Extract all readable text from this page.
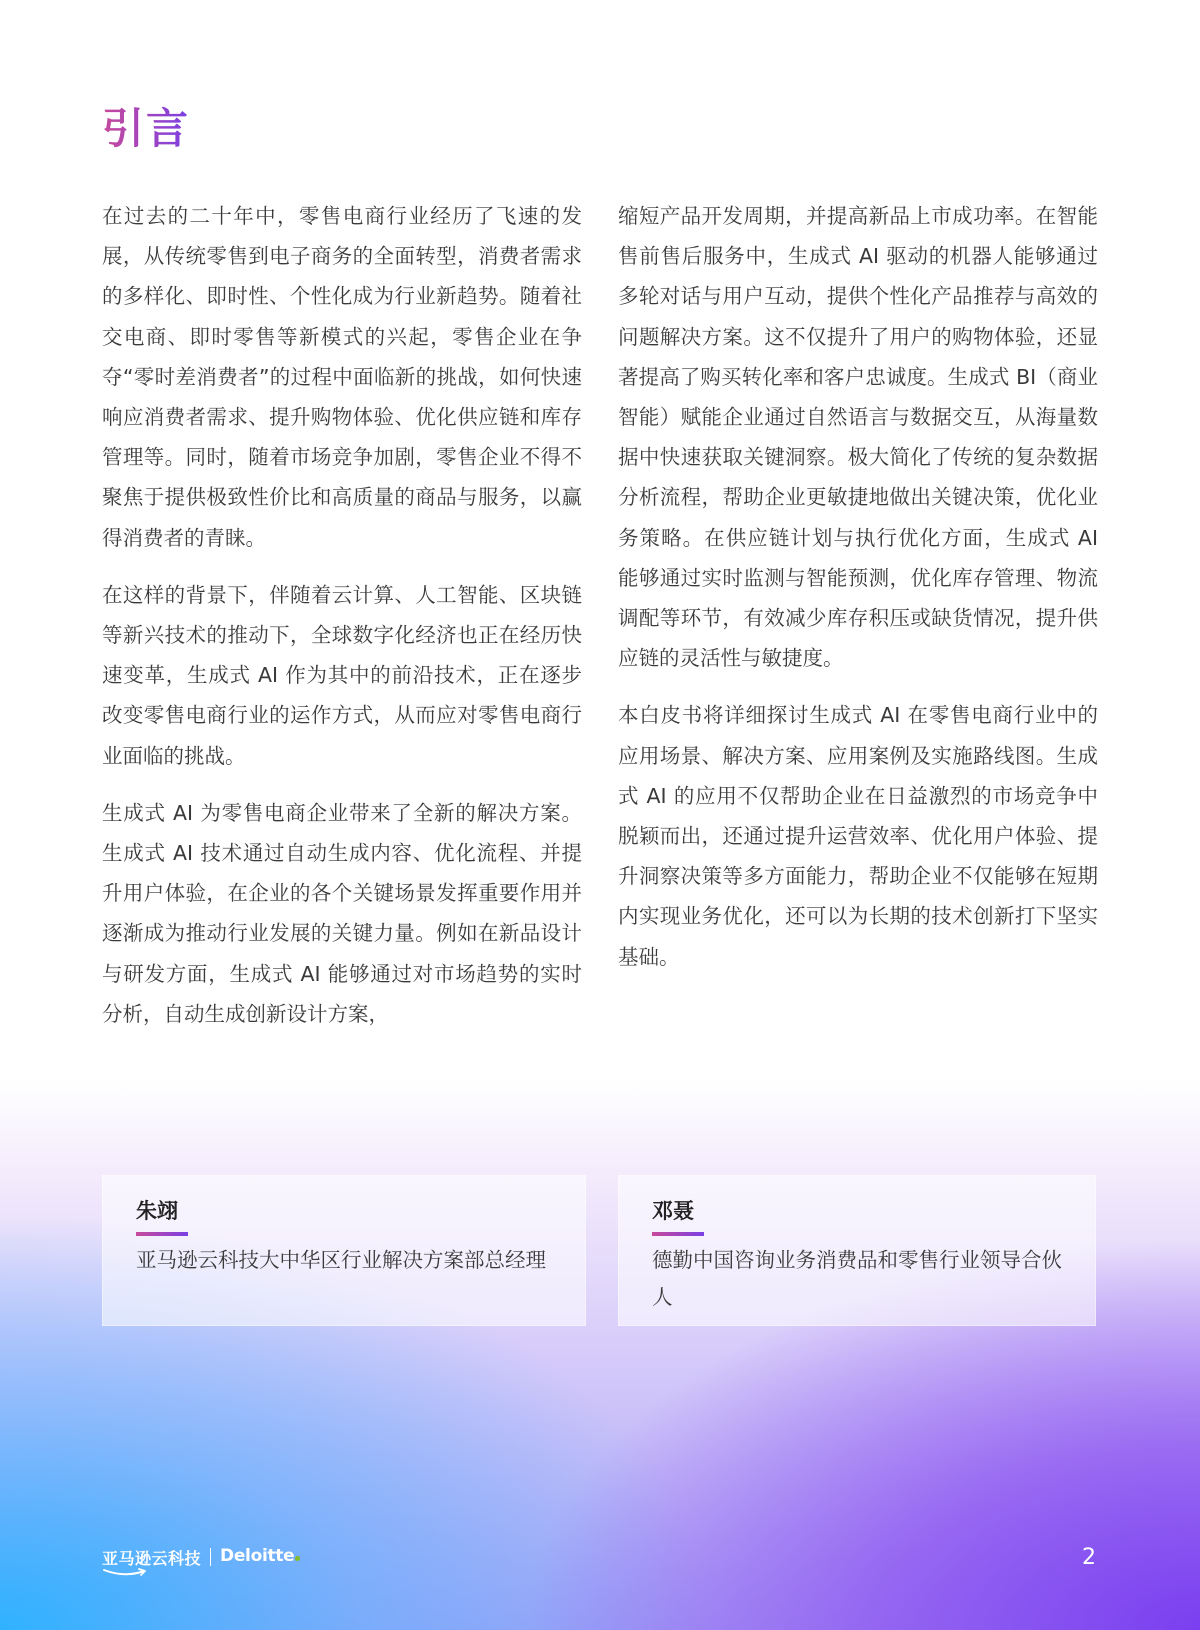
引言

在过去的二十年中，零售电商行业经历了飞速的发展，从传统零售到电子商务的全面转型，消费者需求的多样化、即时性、个性化成为行业新趋势。随着社交电商、即时零售等新模式的兴起，零售企业在争夺“零时差消费者”的过程中面临新的挑战，如何快速响应消费者需求、提升购物体验、优化供应链和库存管理等。同时，随着市场竞争加剧，零售企业不得不聚焦于提供极致性价比和高质量的商品与服务，以赢得消费者的青睐。

在这样的背景下，伴随着云计算、人工智能、区块链等新兴技术的推动下，全球数字化经济也正在经历快速变革，生成式 AI 作为其中的前沿技术，正在逐步改变零售电商行业的运作方式，从而应对零售电商行业面临的挑战。

生成式 AI 为零售电商企业带来了全新的解决方案。生成式 AI 技术通过自动生成内容、优化流程、并提升用户体验，在企业的各个关键场景发挥重要作用并逐渐成为推动行业发展的关键力量。例如在新品设计与研发方面，生成式 AI 能够通过对市场趋势的实时分析，自动生成创新设计方案，

缩短产品开发周期，并提高新品上市成功率。在智能售前售后服务中，生成式 AI 驱动的机器人能够通过多轮对话与用户互动，提供个性化产品推荐与高效的问题解决方案。这不仅提升了用户的购物体验，还显著提高了购买转化率和客户忠诚度。生成式 BI（商业智能）赋能企业通过自然语言与数据交互，从海量数据中快速获取关键洞察。极大简化了传统的复杂数据分析流程，帮助企业更敏捷地做出关键决策，优化业务策略。在供应链计划与执行优化方面，生成式 AI 能够通过实时监测与智能预测，优化库存管理、物流调配等环节，有效减少库存积压或缺货情况，提升供应链的灵活性与敏捷度。

本白皮书将详细探讨生成式 AI 在零售电商行业中的应用场景、解决方案、应用案例及实施路线图。生成式 AI 的应用不仅帮助企业在日益激烈的市场竞争中脱颖而出，还通过提升运营效率、优化用户体验、提升洞察决策等多方面能力，帮助企业不仅能够在短期内实现业务优化，还可以为长期的技术创新打下坚实基础。

朱翊
亚马逊云科技大中华区行业解决方案部总经理
邓聂
德勤中国咨询业务消费品和零售行业领导合伙人
亚马逊云科技 Deloitte	2
